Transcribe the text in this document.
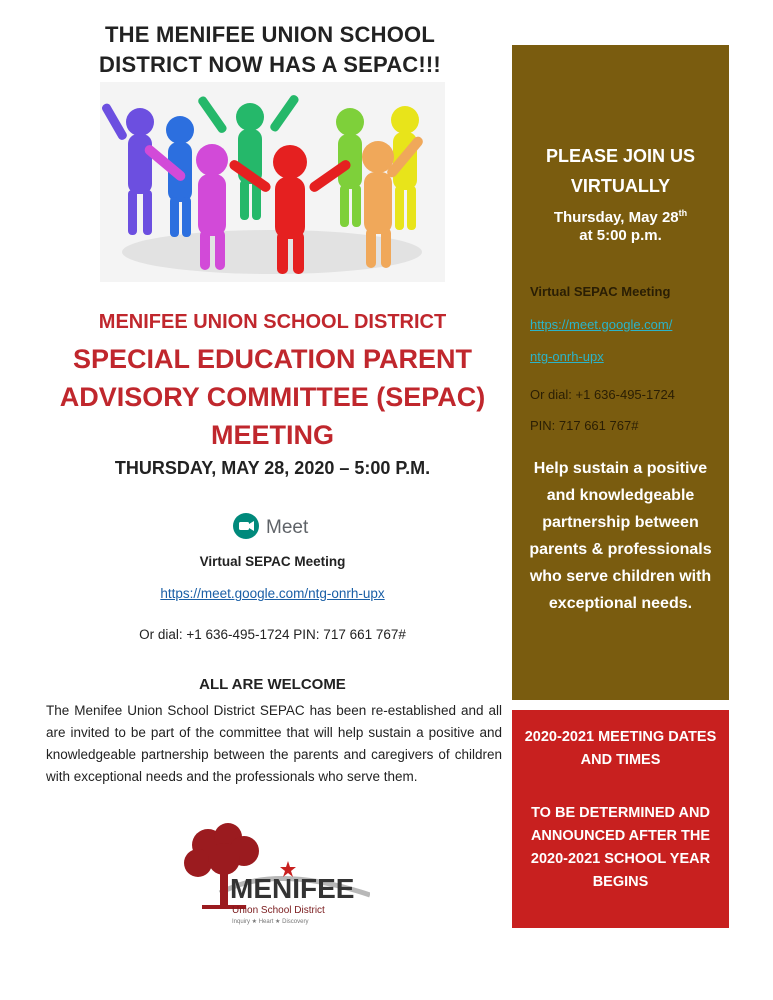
THE MENIFEE UNION SCHOOL DISTRICT NOW HAS A SEPAC!!!
MENIFEE UNION SCHOOL DISTRICT
SPECIAL EDUCATION PARENT ADVISORY COMMITTEE (SEPAC) MEETING
THURSDAY, MAY 28, 2020 – 5:00 P.M.
Meet
Virtual SEPAC Meeting
https://meet.google.com/ntg-onrh-upx
Or dial: +1 636-495-1724 PIN: 717 661 767#
ALL ARE WELCOME
The Menifee Union School District SEPAC has been re-established and all are invited to be part of the committee that will help sustain a positive and knowledgeable partnership between the parents and caregivers of children with exceptional needs and the professionals who serve them.
MENIFEE
Union School District
Inquiry ★ Heart ★ Discovery
PLEASE JOIN US VIRTUALLY
Thursday, May 28th
at 5:00 p.m.
Virtual SEPAC Meeting
https://meet.google.com/
ntg-onrh-upx
Or dial: +1 636-495-1724
PIN: 717 661 767#
Help sustain a positive and knowledgeable partnership between parents & professionals who serve children with exceptional needs.
2020-2021 MEETING DATES AND TIMES
TO BE DETERMINED AND ANNOUNCED AFTER THE 2020-2021 SCHOOL YEAR BEGINS
